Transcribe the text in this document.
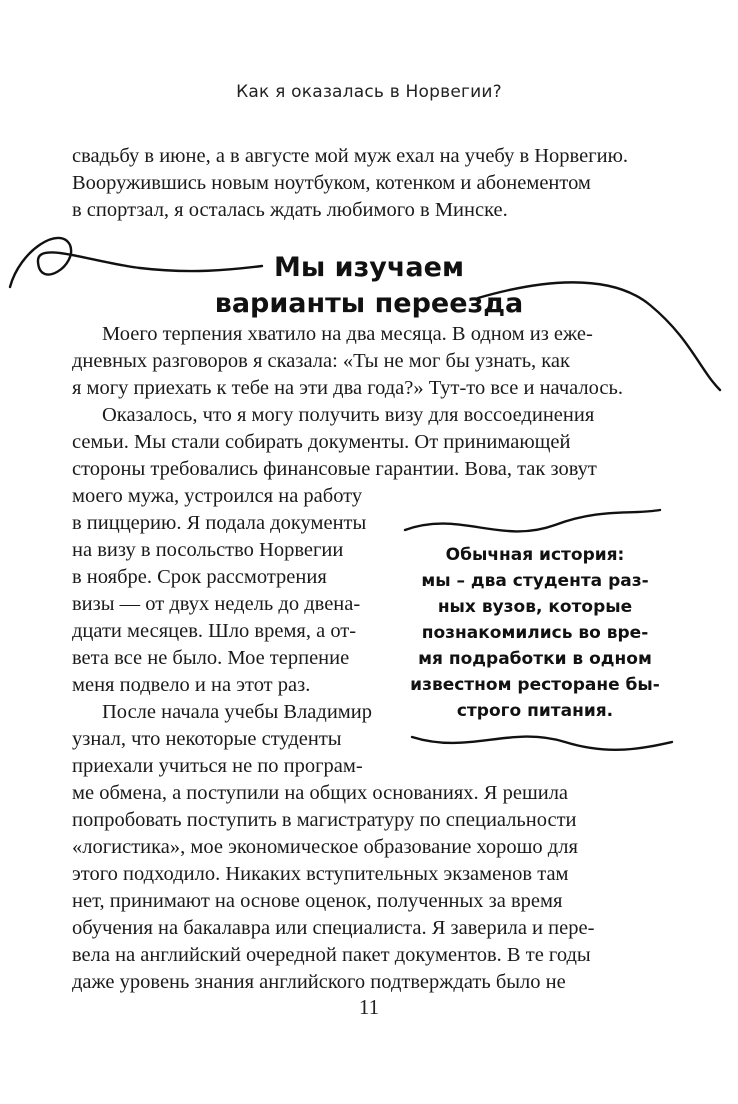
Как я оказалась в Норвегии?

свадьбу в июне, а в августе мой муж ехал на учебу в Норвегию.
Вооружившись новым ноутбуком, котенком и абонементом
в спортзал, я осталась ждать любимого в Минске.

Мы изучаем
варианты переезда

Моего терпения хватило на два месяца. В одном из еже-
дневных разговоров я сказала: «Ты не мог бы узнать, как
я могу приехать к тебе на эти два года?» Тут-то все и началось.

Оказалось, что я могу получить визу для воссоединения
семьи. Мы стали собирать документы. От принимающей
стороны требовались финансовые гарантии. Вова, так зовут

моего мужа, устроился на работу
в пиццерию. Я подала документы
на визу в посольство Норвегии
в ноябре. Срок рассмотрения
визы — от двух недель до двена-
дцати месяцев. Шло время, а от-
вета все не было. Мое терпение
меня подвело и на этот раз.

После начала учебы Владимир
узнал, что некоторые студенты
приехали учиться не по програм-

ме обмена, а поступили на общих основаниях. Я решила
попробовать поступить в магистратуру по специальности
«логистика», мое экономическое образование хорошо для
этого подходило. Никаких вступительных экзаменов там
нет, принимают на основе оценок, полученных за время
обучения на бакалавра или специалиста. Я заверила и пере-
вела на английский очередной пакет документов. В те годы
даже уровень знания английского подтверждать было не

Обычная история:
мы – два студента раз-
ных вузов, которые
познакомились во вре-
мя подработки в одном
известном ресторане бы-
строго питания.
11
